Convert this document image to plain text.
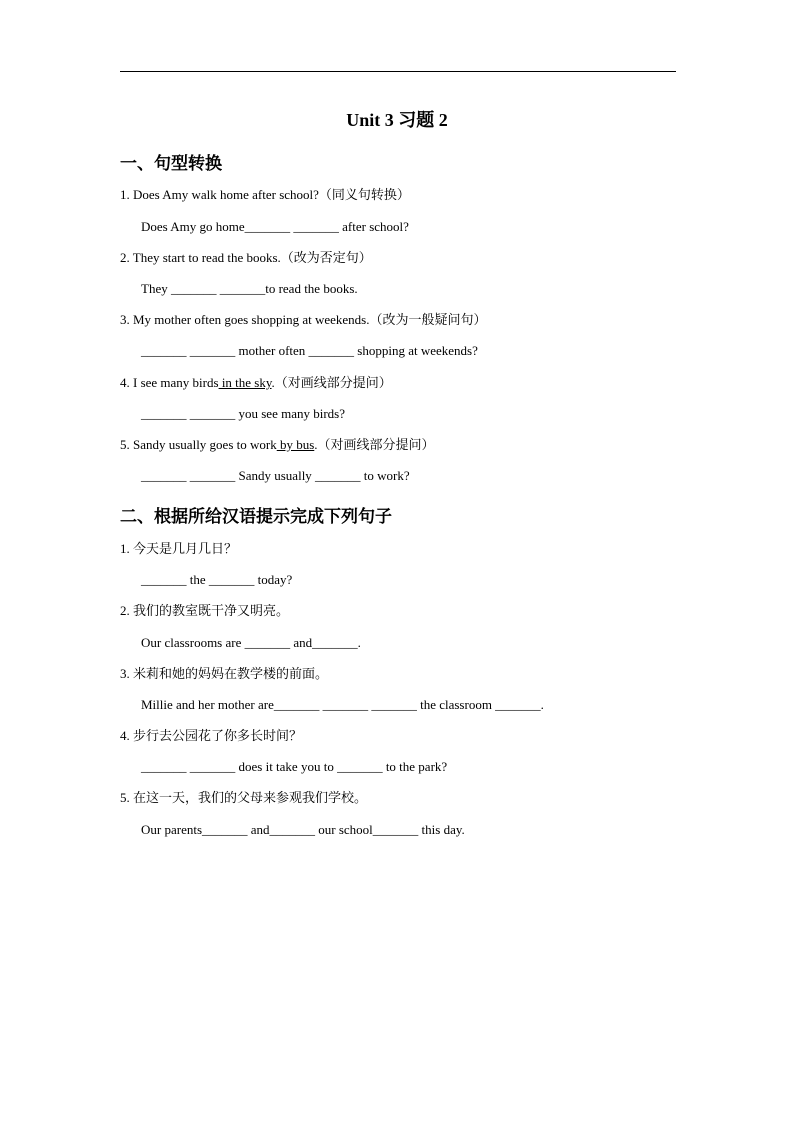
Unit 3 习题 2
一、句型转换
1. Does Amy walk home after school?（同义句转换）
Does Amy go home_______ _______ after school?
2. They start to read the books.（改为否定句）
They _______ _______to read the books.
3. My mother often goes shopping at weekends.（改为一般疑问句）
_______ _______ mother often _______ shopping at weekends?
4. I see many birds in the sky.（对画线部分提问）
_______ _______ you see many birds?
5. Sandy usually goes to work by bus.（对画线部分提问）
_______ _______ Sandy usually _______ to work?
二、根据所给汉语提示完成下列句子
1. 今天是几月几日？
_______ the _______ today?
2. 我们的教室既干净又明亮。
Our classrooms are _______ and_______.
3. 米莉和她的妈妈在教学楼的前面。
Millie and her mother are_______ _______ _______ the classroom _______.
4. 步行去公园花了你多长时间？
_______ _______ does it take you to _______ to the park?
5. 在这一天，我们的父母来参观我们学校。
Our parents_______ and_______ our school_______ this day.
